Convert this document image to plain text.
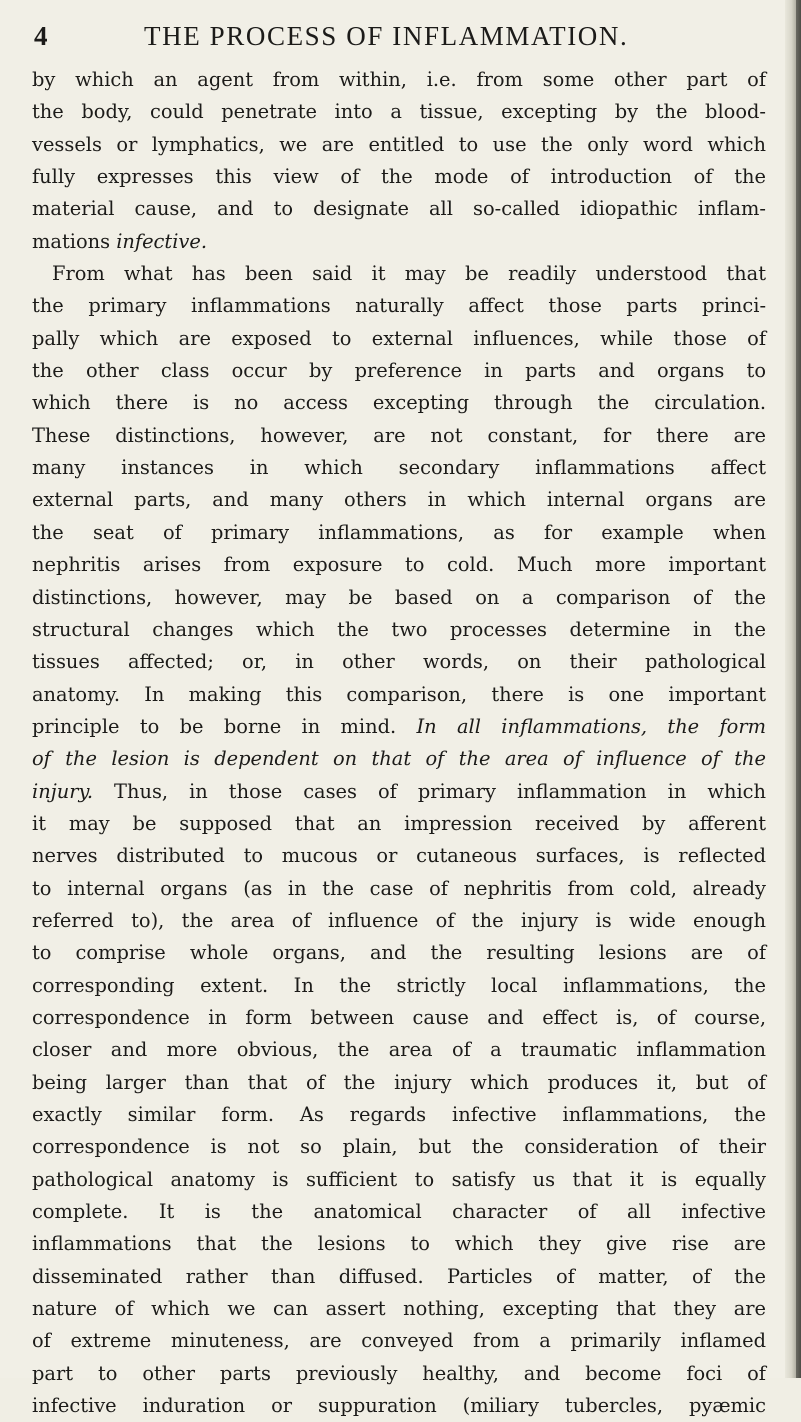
4	THE PROCESS OF INFLAMMATION.
by which an agent from within, i.e. from some other part of
the body, could penetrate into a tissue, excepting by the blood-
vessels or lymphatics, we are entitled to use the only word which
fully expresses this view of the mode of introduction of the
material cause, and to designate all so-called idiopathic inflam-
mations infective.
From what has been said it may be readily understood that
the primary inflammations naturally affect those parts princi-
pally which are exposed to external influences, while those of
the other class occur by preference in parts and organs to
which there is no access excepting through the circulation.
These distinctions, however, are not constant, for there are
many instances in which secondary inflammations affect
external parts, and many others in which internal organs are
the seat of primary inflammations, as for example when
nephritis arises from exposure to cold. Much more important
distinctions, however, may be based on a comparison of the
structural changes which the two processes determine in the
tissues affected; or, in other words, on their pathological
anatomy. In making this comparison, there is one important
principle to be borne in mind. In all inflammations, the form
of the lesion is dependent on that of the area of influence of the
injury. Thus, in those cases of primary inflammation in which
it may be supposed that an impression received by afferent
nerves distributed to mucous or cutaneous surfaces, is reflected
to internal organs (as in the case of nephritis from cold, already
referred to), the area of influence of the injury is wide enough
to comprise whole organs, and the resulting lesions are of
corresponding extent. In the strictly local inflammations, the
correspondence in form between cause and effect is, of course,
closer and more obvious, the area of a traumatic inflammation
being larger than that of the injury which produces it, but of
exactly similar form. As regards infective inflammations, the
correspondence is not so plain, but the consideration of their
pathological anatomy is sufficient to satisfy us that it is equally
complete. It is the anatomical character of all infective
inflammations that the lesions to which they give rise are
disseminated rather than diffused. Particles of matter, of the
nature of which we can assert nothing, excepting that they are
of extreme minuteness, are conveyed from a primarily inflamed
part to other parts previously healthy, and become foci of
infective induration or suppuration (miliary tubercles, pyæmic
